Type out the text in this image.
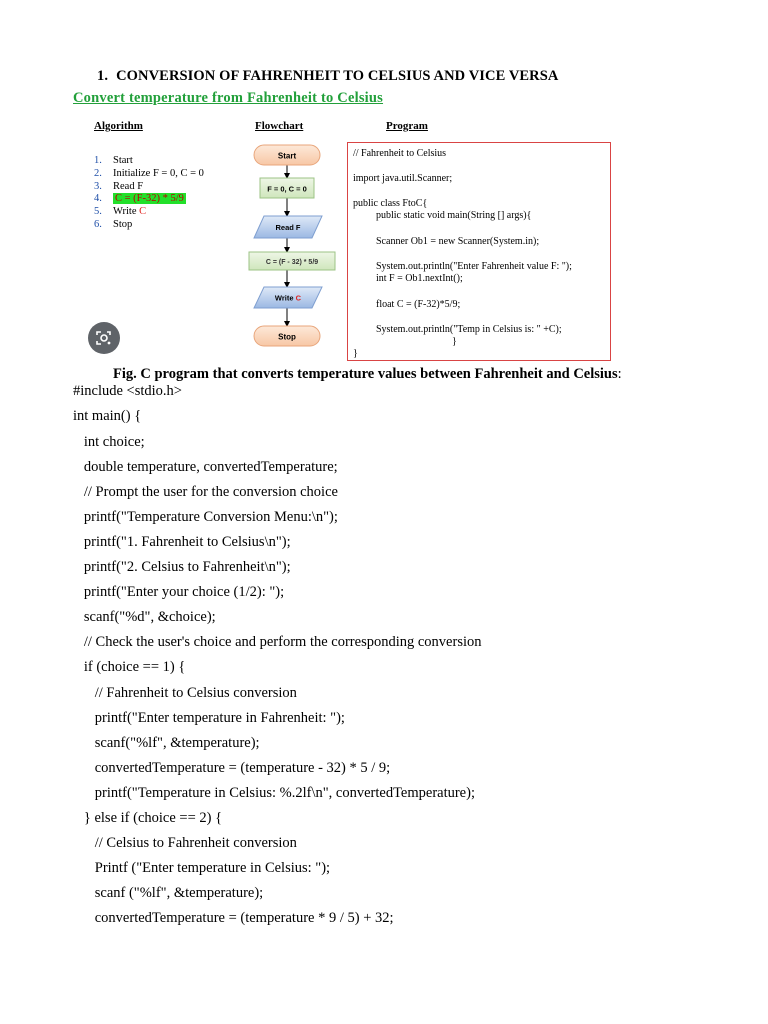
1. CONVERSION OF FAHRENHEIT TO CELSIUS AND VICE VERSA
Convert temperature from Fahrenheit to Celsius
Algorithm	Flowchart	Program
1. Start
2. Initialize F = 0, C = 0
3. Read F
4. C = (F-32) * 5/9
5. Write C
6. Stop
Start
F = 0, C = 0
Read F
C = (F - 32) * 5/9
Write C
Stop
// Fahrenheit to Celsius
import java.util.Scanner;
public class FtoC{
public static void main(String [] args){
Scanner Ob1 = new Scanner(System.in);
System.out.println("Enter Fahrenheit value F: ");
int F = Ob1.nextInt();
float C = (F-32)*5/9;
System.out.println("Temp in Celsius is: " +C);
}
}
Fig. C program that converts temperature values between Fahrenheit and Celsius:
#include <stdio.h>
int main() {
int choice;
double temperature, convertedTemperature;
// Prompt the user for the conversion choice
printf("Temperature Conversion Menu:\n");
printf("1. Fahrenheit to Celsius\n");
printf("2. Celsius to Fahrenheit\n");
printf("Enter your choice (1/2): ");
scanf("%d", &choice);
// Check the user's choice and perform the corresponding conversion
if (choice == 1) {
// Fahrenheit to Celsius conversion
printf("Enter temperature in Fahrenheit: ");
scanf("%lf", &temperature);
convertedTemperature = (temperature - 32) * 5 / 9;
printf("Temperature in Celsius: %.2lf\n", convertedTemperature);
} else if (choice == 2) {
// Celsius to Fahrenheit conversion
Printf ("Enter temperature in Celsius: ");
scanf ("%lf", &temperature);
convertedTemperature = (temperature * 9 / 5) + 32;
